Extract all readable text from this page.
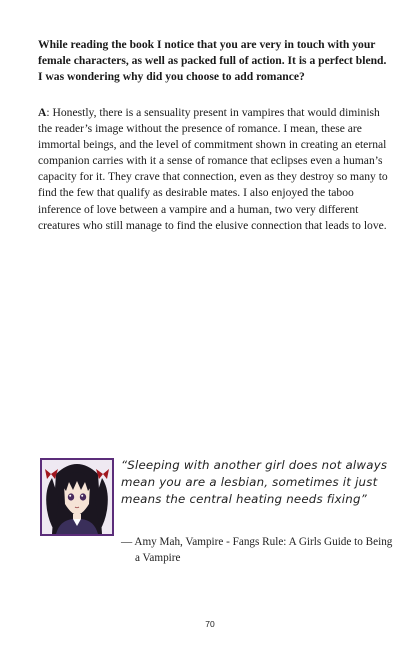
While reading the book I notice that you are very in touch with your female characters, as well as packed full of action. It is a perfect blend. I was wondering why did you choose to add romance?

A: Honestly, there is a sensuality present in vampires that would diminish the reader’s image without the presence of romance. I mean, these are immortal beings, and the level of commitment shown in creating an eternal companion carries with it a sense of romance that eclipses even a human’s capacity for it. They crave that connection, even as they destroy so many to find the few that qualify as desirable mates. I also enjoyed the taboo inference of love between a vampire and a human, two very different creatures who still manage to find the elusive connection that leads to love.

“Sleeping with another girl does not always mean you are a lesbian, sometimes it just means the central heating needs fixing”

— Amy Mah, Vampire - Fangs Rule: A Girls Guide to Being a Vampire

70
